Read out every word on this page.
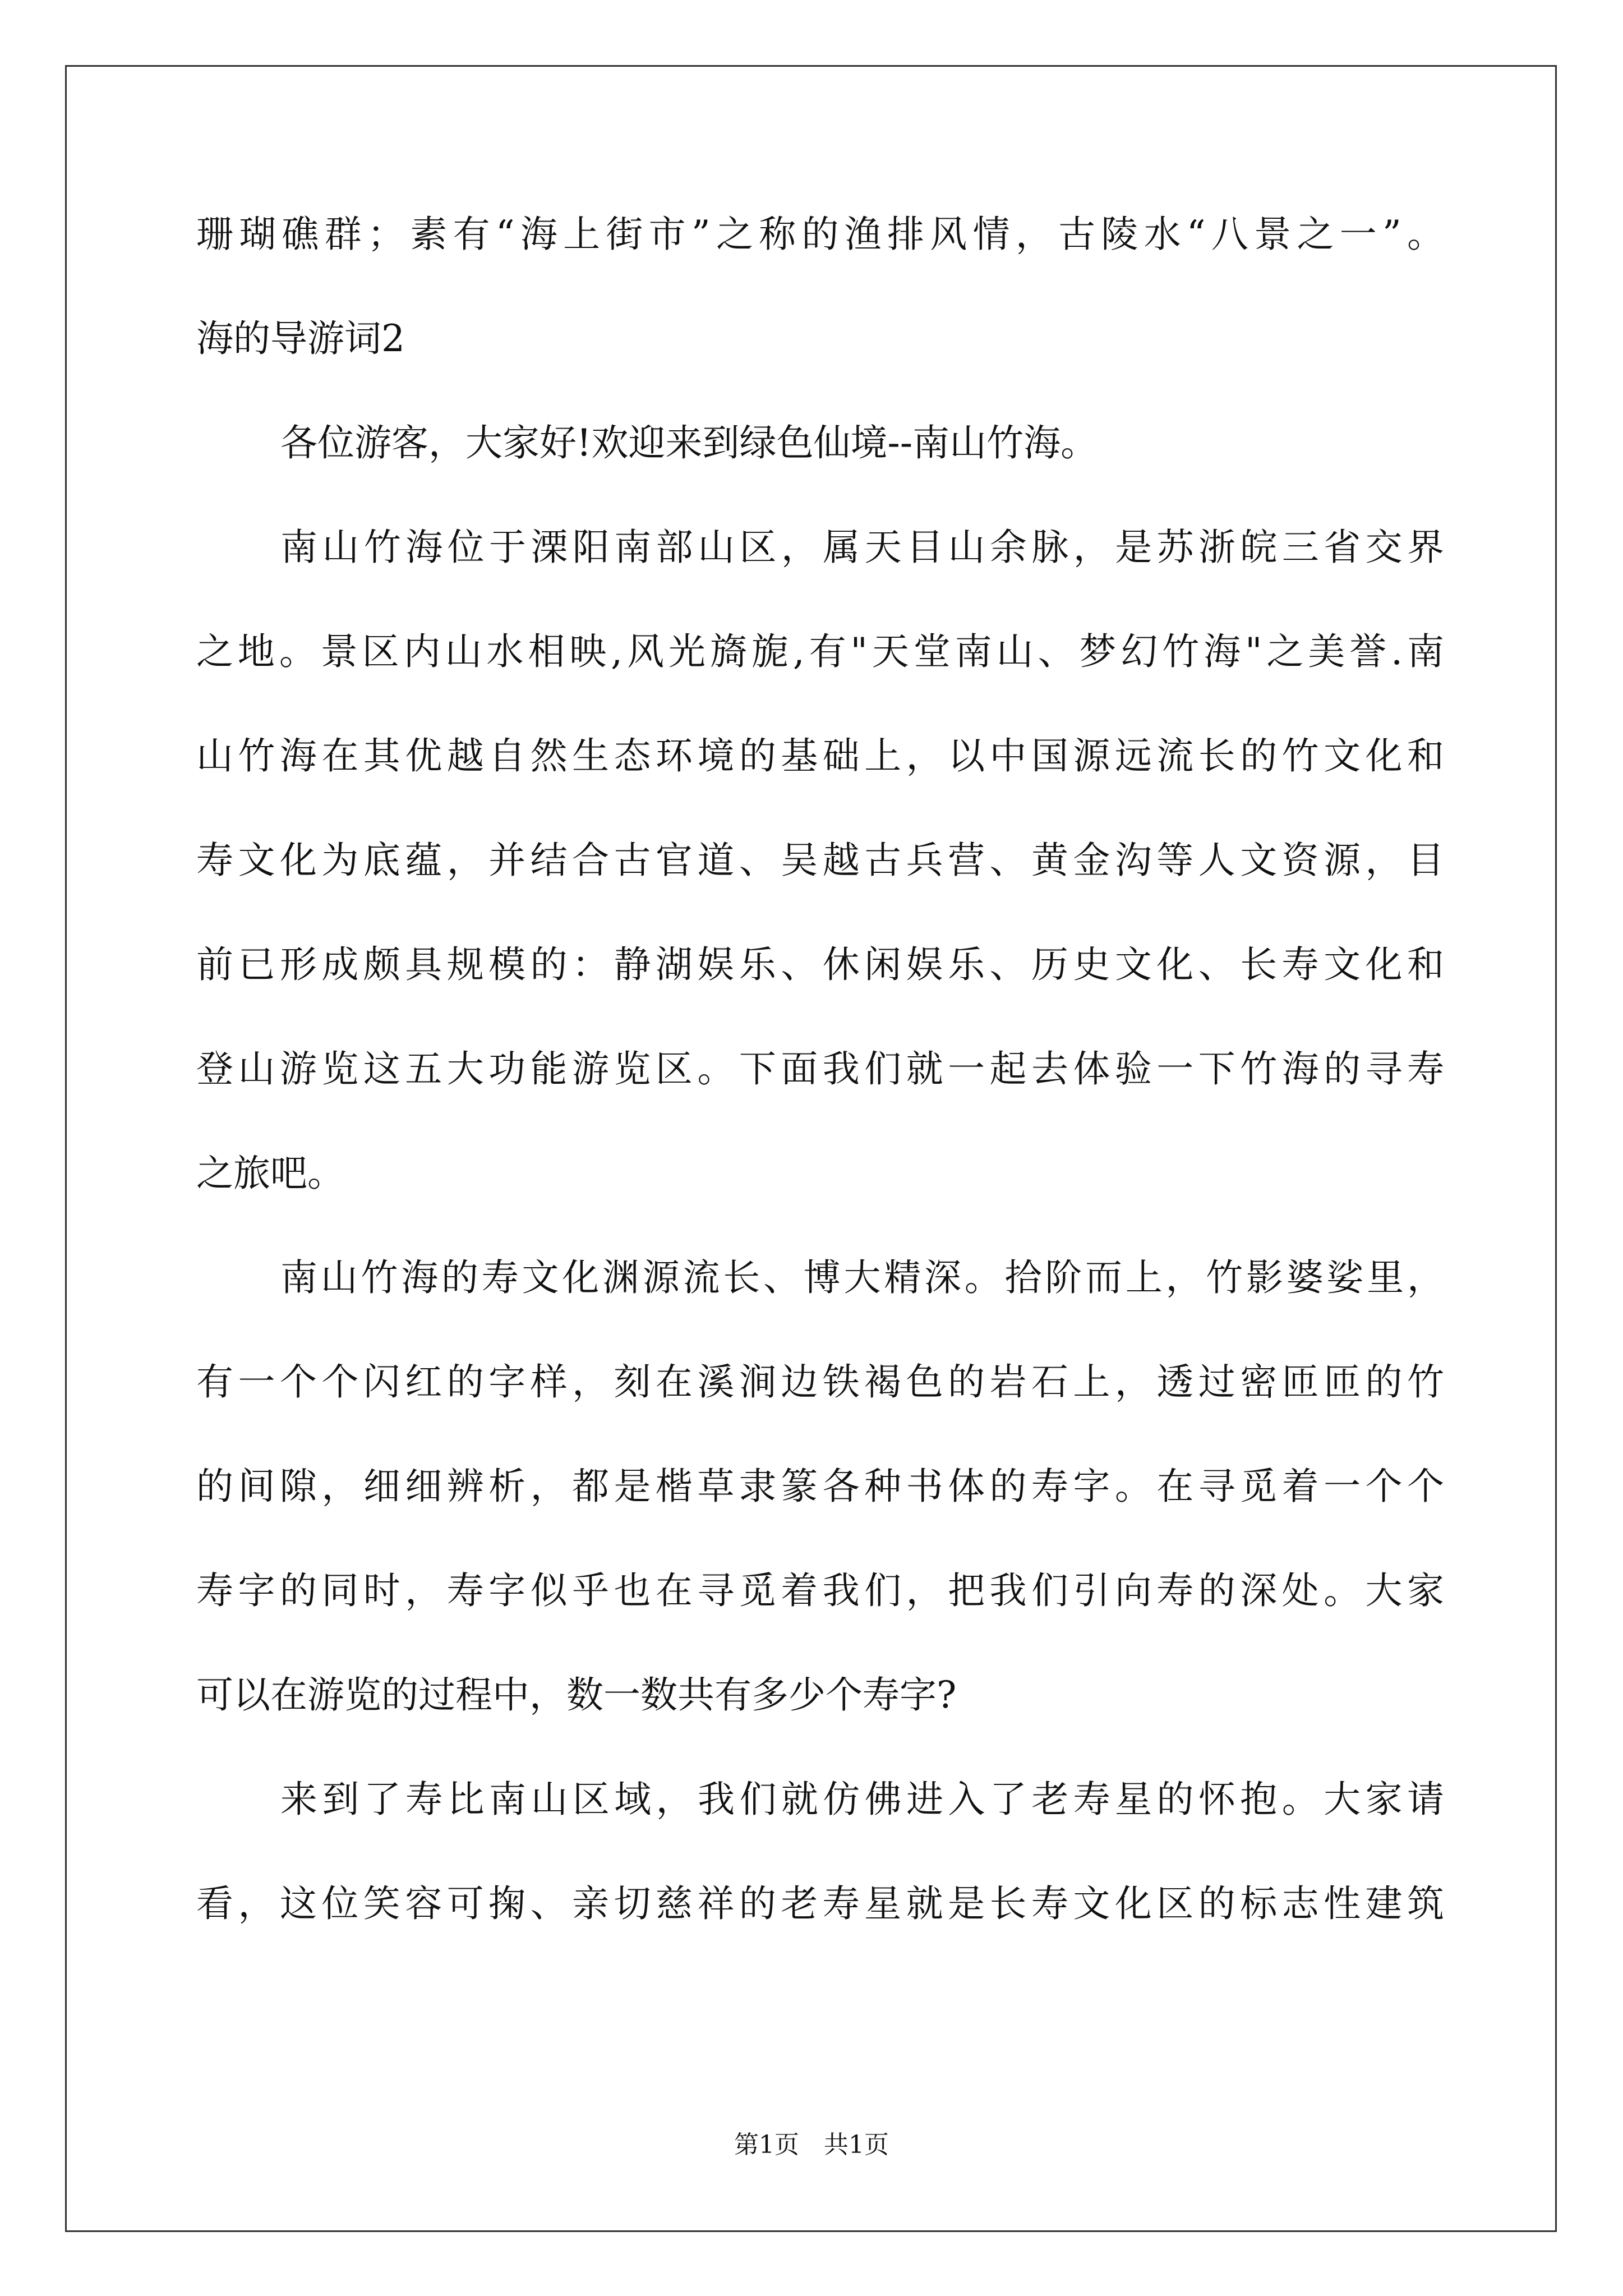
珊瑚礁群；素有“海上街市”之称的渔排风情，古陵水“八景之一”。
海的导游词2
各位游客，大家好!欢迎来到绿色仙境--南山竹海。
南山竹海位于溧阳南部山区，属天目山余脉，是苏浙皖三省交界
之地。景区内山水相映,风光旖旎,有"天堂南山、梦幻竹海"之美誉.南
山竹海在其优越自然生态环境的基础上，以中国源远流长的竹文化和
寿文化为底蕴，并结合古官道、吴越古兵营、黄金沟等人文资源，目
前已形成颇具规模的：静湖娱乐、休闲娱乐、历史文化、长寿文化和
登山游览这五大功能游览区。下面我们就一起去体验一下竹海的寻寿
之旅吧。
南山竹海的寿文化渊源流长、博大精深。拾阶而上，竹影婆娑里，
有一个个闪红的字样，刻在溪涧边铁褐色的岩石上，透过密匝匝的竹
的间隙，细细辨析，都是楷草隶篆各种书体的寿字。在寻觅着一个个
寿字的同时，寿字似乎也在寻觅着我们，把我们引向寿的深处。大家
可以在游览的过程中，数一数共有多少个寿字?
来到了寿比南山区域，我们就仿佛进入了老寿星的怀抱。大家请
看，这位笑容可掬、亲切慈祥的老寿星就是长寿文化区的标志性建筑
第1页　共1页
